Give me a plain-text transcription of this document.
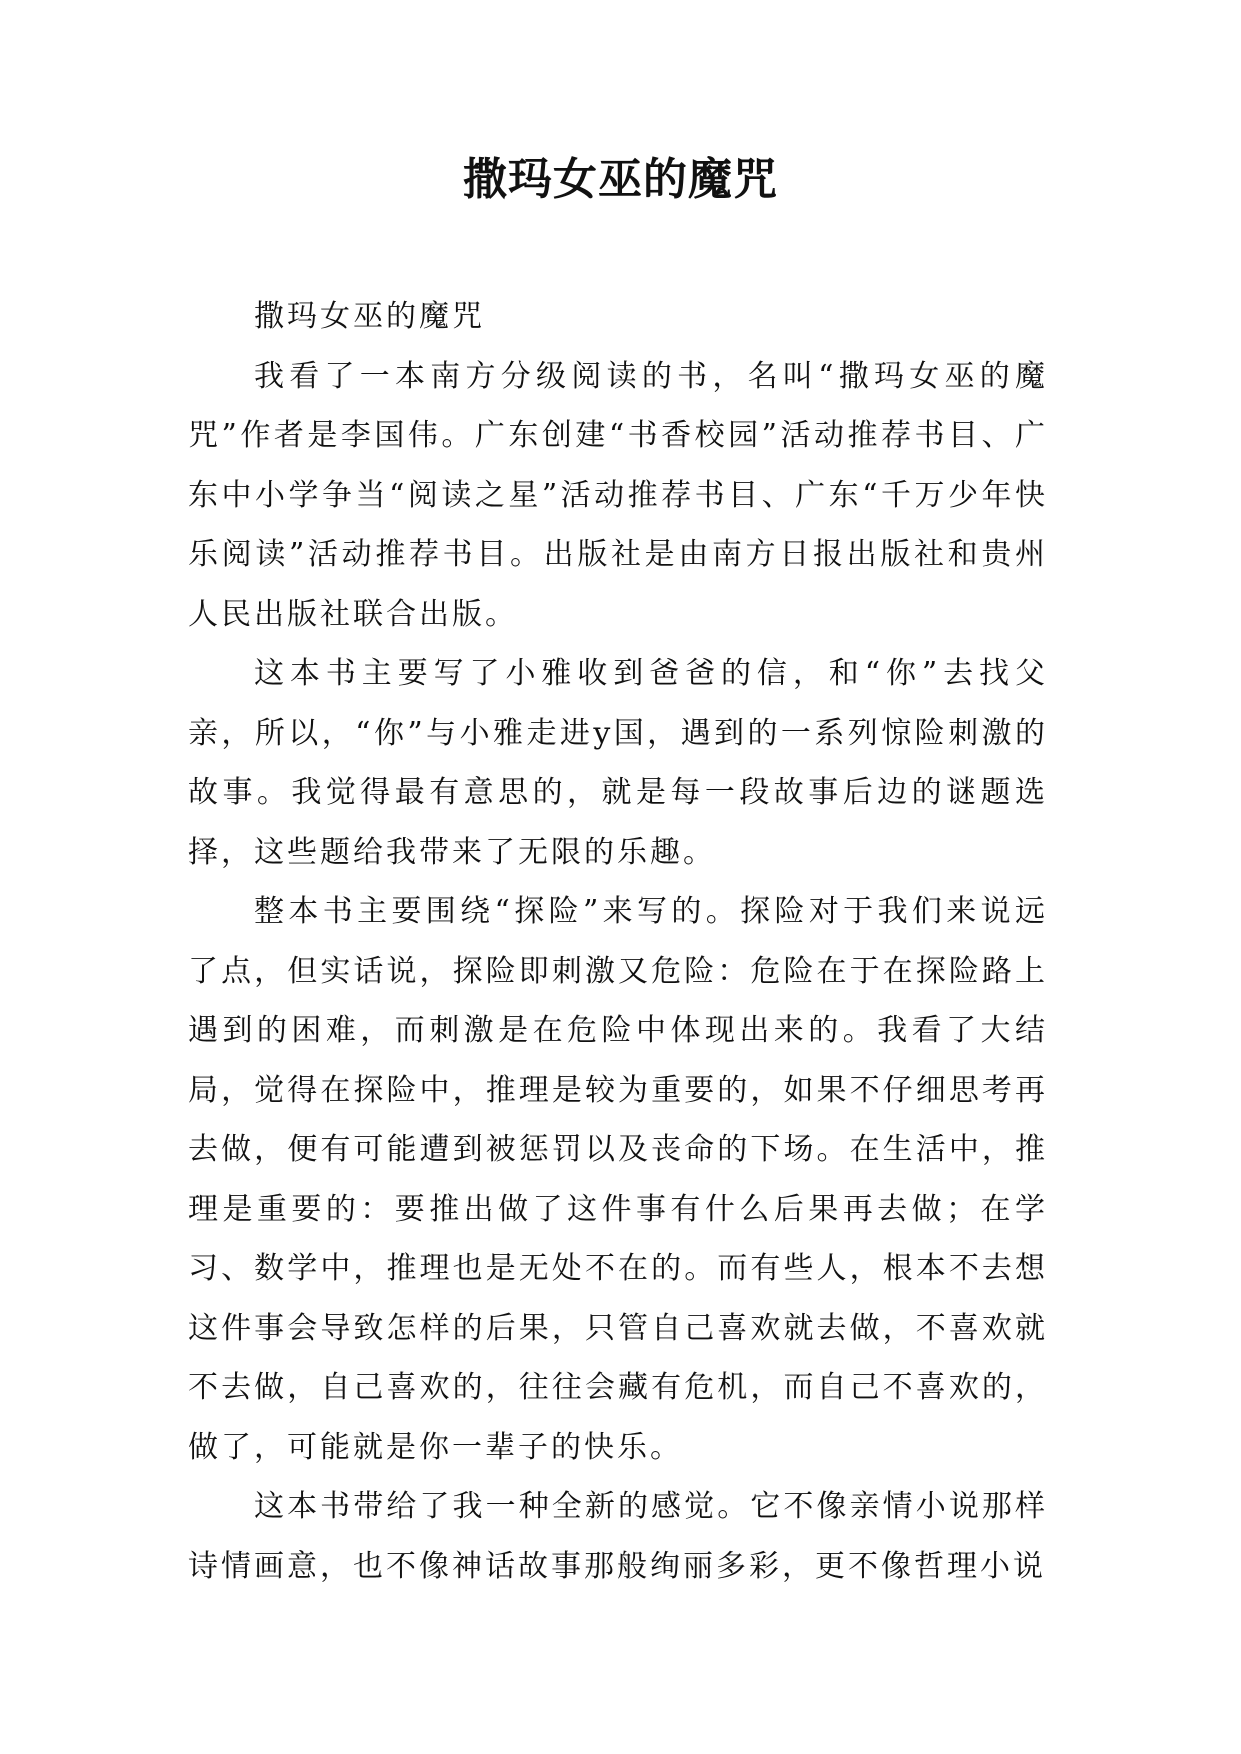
撒玛女巫的魔咒

撒玛女巫的魔咒

我看了一本南方分级阅读的书，名叫“撒玛女巫的魔咒”作者是李国伟。广东创建“书香校园”活动推荐书目、广东中小学争当“阅读之星”活动推荐书目、广东“千万少年快乐阅读”活动推荐书目。出版社是由南方日报出版社和贵州人民出版社联合出版。

这本书主要写了小雅收到爸爸的信，和“你”去找父亲，所以，“你”与小雅走进y国，遇到的一系列惊险刺激的故事。我觉得最有意思的，就是每一段故事后边的谜题选择，这些题给我带来了无限的乐趣。

整本书主要围绕“探险”来写的。探险对于我们来说远了点，但实话说，探险即刺激又危险：危险在于在探险路上遇到的困难，而刺激是在危险中体现出来的。我看了大结局，觉得在探险中，推理是较为重要的，如果不仔细思考再去做，便有可能遭到被惩罚以及丧命的下场。在生活中，推理是重要的：要推出做了这件事有什么后果再去做；在学习、数学中，推理也是无处不在的。而有些人，根本不去想这件事会导致怎样的后果，只管自己喜欢就去做，不喜欢就不去做，自己喜欢的，往往会藏有危机，而自己不喜欢的，做了，可能就是你一辈子的快乐。

这本书带给了我一种全新的感觉。它不像亲情小说那样诗情画意，也不像神话故事那般绚丽多彩，更不像哲理小说
